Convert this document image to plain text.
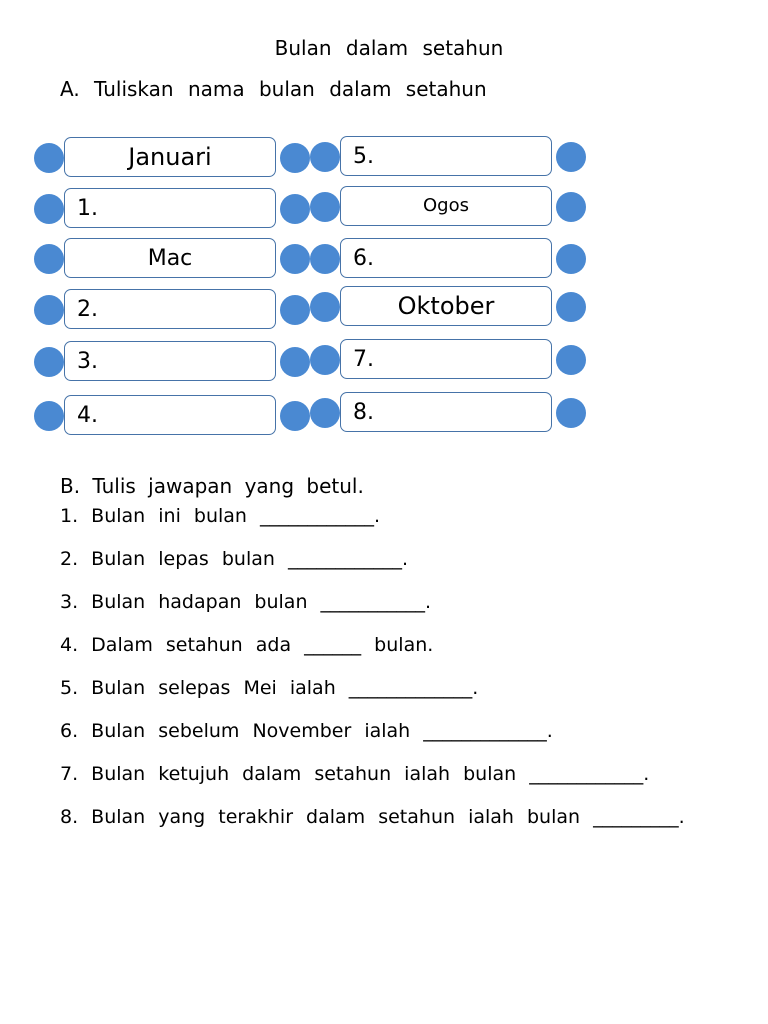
Bulan dalam setahun
A. Tuliskan nama bulan dalam setahun
Januari
1.
Mac
2.
3.
4.
5.
Ogos
6.
Oktober
7.
8.
B. Tulis jawapan yang betul.
1. Bulan ini bulan ____________.
2. Bulan lepas bulan ____________.
3. Bulan hadapan bulan ___________.
4. Dalam setahun ada ______ bulan.
5. Bulan selepas Mei ialah _____________.
6. Bulan sebelum November ialah _____________.
7. Bulan ketujuh dalam setahun ialah bulan ____________.
8. Bulan yang terakhir dalam setahun ialah bulan _________.
